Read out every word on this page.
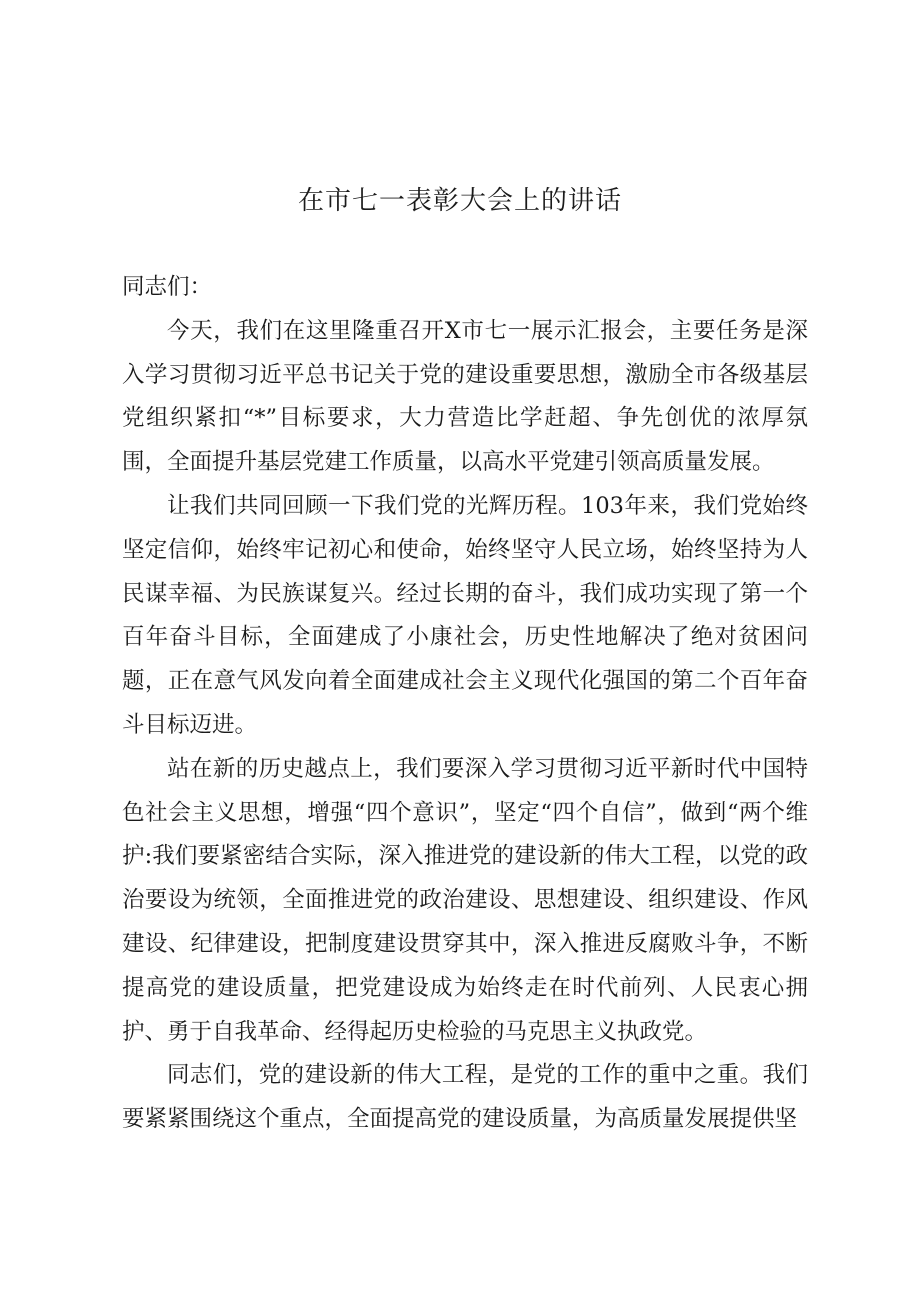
在市七一表彰大会上的讲话

同志们：

今天，我们在这里隆重召开X市七一展示汇报会，主要任务是深入学习贯彻习近平总书记关于党的建设重要思想，激励全市各级基层党组织紧扣“*”目标要求，大力营造比学赶超、争先创优的浓厚氛围，全面提升基层党建工作质量，以高水平党建引领高质量发展。

让我们共同回顾一下我们党的光辉历程。103年来，我们党始终坚定信仰，始终牢记初心和使命，始终坚守人民立场，始终坚持为人民谋幸福、为民族谋复兴。经过长期的奋斗，我们成功实现了第一个百年奋斗目标，全面建成了小康社会，历史性地解决了绝对贫困问题，正在意气风发向着全面建成社会主义现代化强国的第二个百年奋斗目标迈进。

站在新的历史越点上，我们要深入学习贯彻习近平新时代中国特色社会主义思想，增强“四个意识”，坚定“四个自信”，做到“两个维护:我们要紧密结合实际，深入推进党的建设新的伟大工程，以党的政治要设为统领，全面推进党的政治建设、思想建设、组织建设、作风建设、纪律建设，把制度建设贯穿其中，深入推进反腐败斗争，不断提高党的建设质量，把党建设成为始终走在时代前列、人民衷心拥护、勇于自我革命、经得起历史检验的马克思主义执政党。

同志们，党的建设新的伟大工程，是党的工作的重中之重。我们要紧紧围绕这个重点，全面提高党的建设质量，为高质量发展提供坚
